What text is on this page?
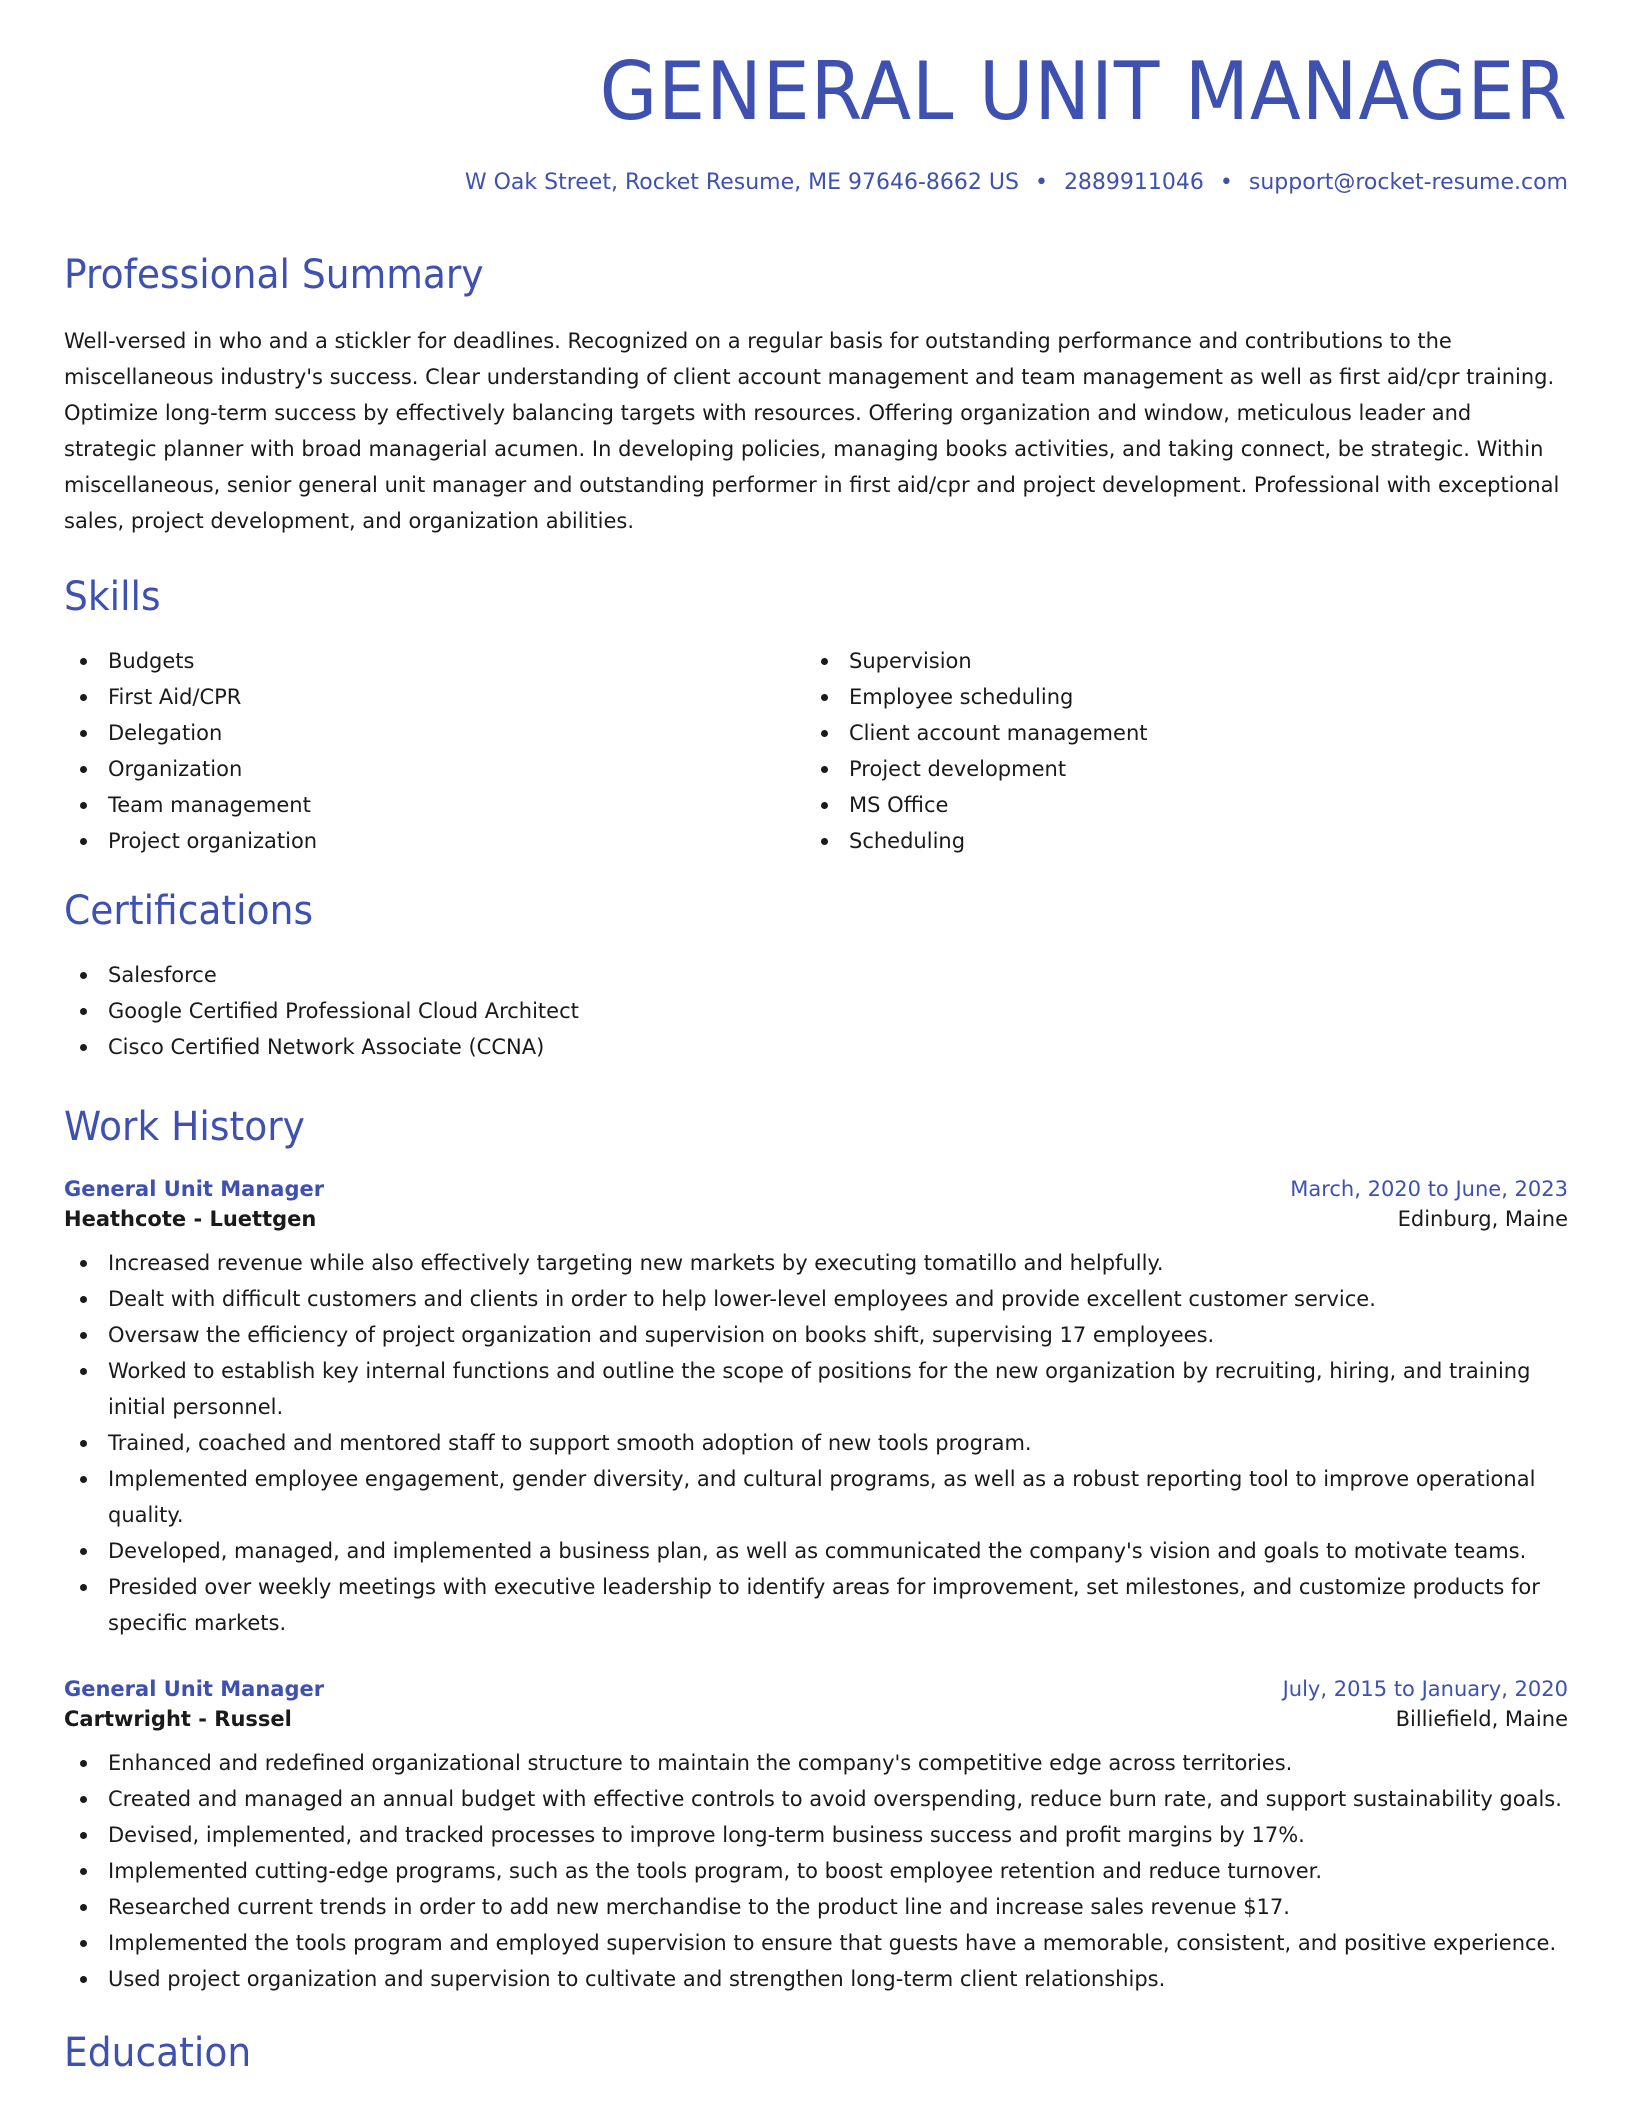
GENERAL UNIT MANAGER
W Oak Street, Rocket Resume, ME 97646-8662 US • 2889911046 • support@rocket-resume.com
Professional Summary
Well-versed in who and a stickler for deadlines. Recognized on a regular basis for outstanding performance and contributions to the miscellaneous industry's success. Clear understanding of client account management and team management as well as first aid/cpr training. Optimize long-term success by effectively balancing targets with resources. Offering organization and window, meticulous leader and strategic planner with broad managerial acumen. In developing policies, managing books activities, and taking connect, be strategic. Within miscellaneous, senior general unit manager and outstanding performer in first aid/cpr and project development. Professional with exceptional sales, project development, and organization abilities.
Skills
Budgets
First Aid/CPR
Delegation
Organization
Team management
Project organization
Supervision
Employee scheduling
Client account management
Project development
MS Office
Scheduling
Certifications
Salesforce
Google Certified Professional Cloud Architect
Cisco Certified Network Associate (CCNA)
Work History
General Unit Manager	March, 2020 to June, 2023
Heathcote - Luettgen	Edinburg, Maine
Increased revenue while also effectively targeting new markets by executing tomatillo and helpfully.
Dealt with difficult customers and clients in order to help lower-level employees and provide excellent customer service.
Oversaw the efficiency of project organization and supervision on books shift, supervising 17 employees.
Worked to establish key internal functions and outline the scope of positions for the new organization by recruiting, hiring, and training initial personnel.
Trained, coached and mentored staff to support smooth adoption of new tools program.
Implemented employee engagement, gender diversity, and cultural programs, as well as a robust reporting tool to improve operational quality.
Developed, managed, and implemented a business plan, as well as communicated the company's vision and goals to motivate teams.
Presided over weekly meetings with executive leadership to identify areas for improvement, set milestones, and customize products for specific markets.
General Unit Manager	July, 2015 to January, 2020
Cartwright - Russel	Billiefield, Maine
Enhanced and redefined organizational structure to maintain the company's competitive edge across territories.
Created and managed an annual budget with effective controls to avoid overspending, reduce burn rate, and support sustainability goals.
Devised, implemented, and tracked processes to improve long-term business success and profit margins by 17%.
Implemented cutting-edge programs, such as the tools program, to boost employee retention and reduce turnover.
Researched current trends in order to add new merchandise to the product line and increase sales revenue $17.
Implemented the tools program and employed supervision to ensure that guests have a memorable, consistent, and positive experience.
Used project organization and supervision to cultivate and strengthen long-term client relationships.
Education
